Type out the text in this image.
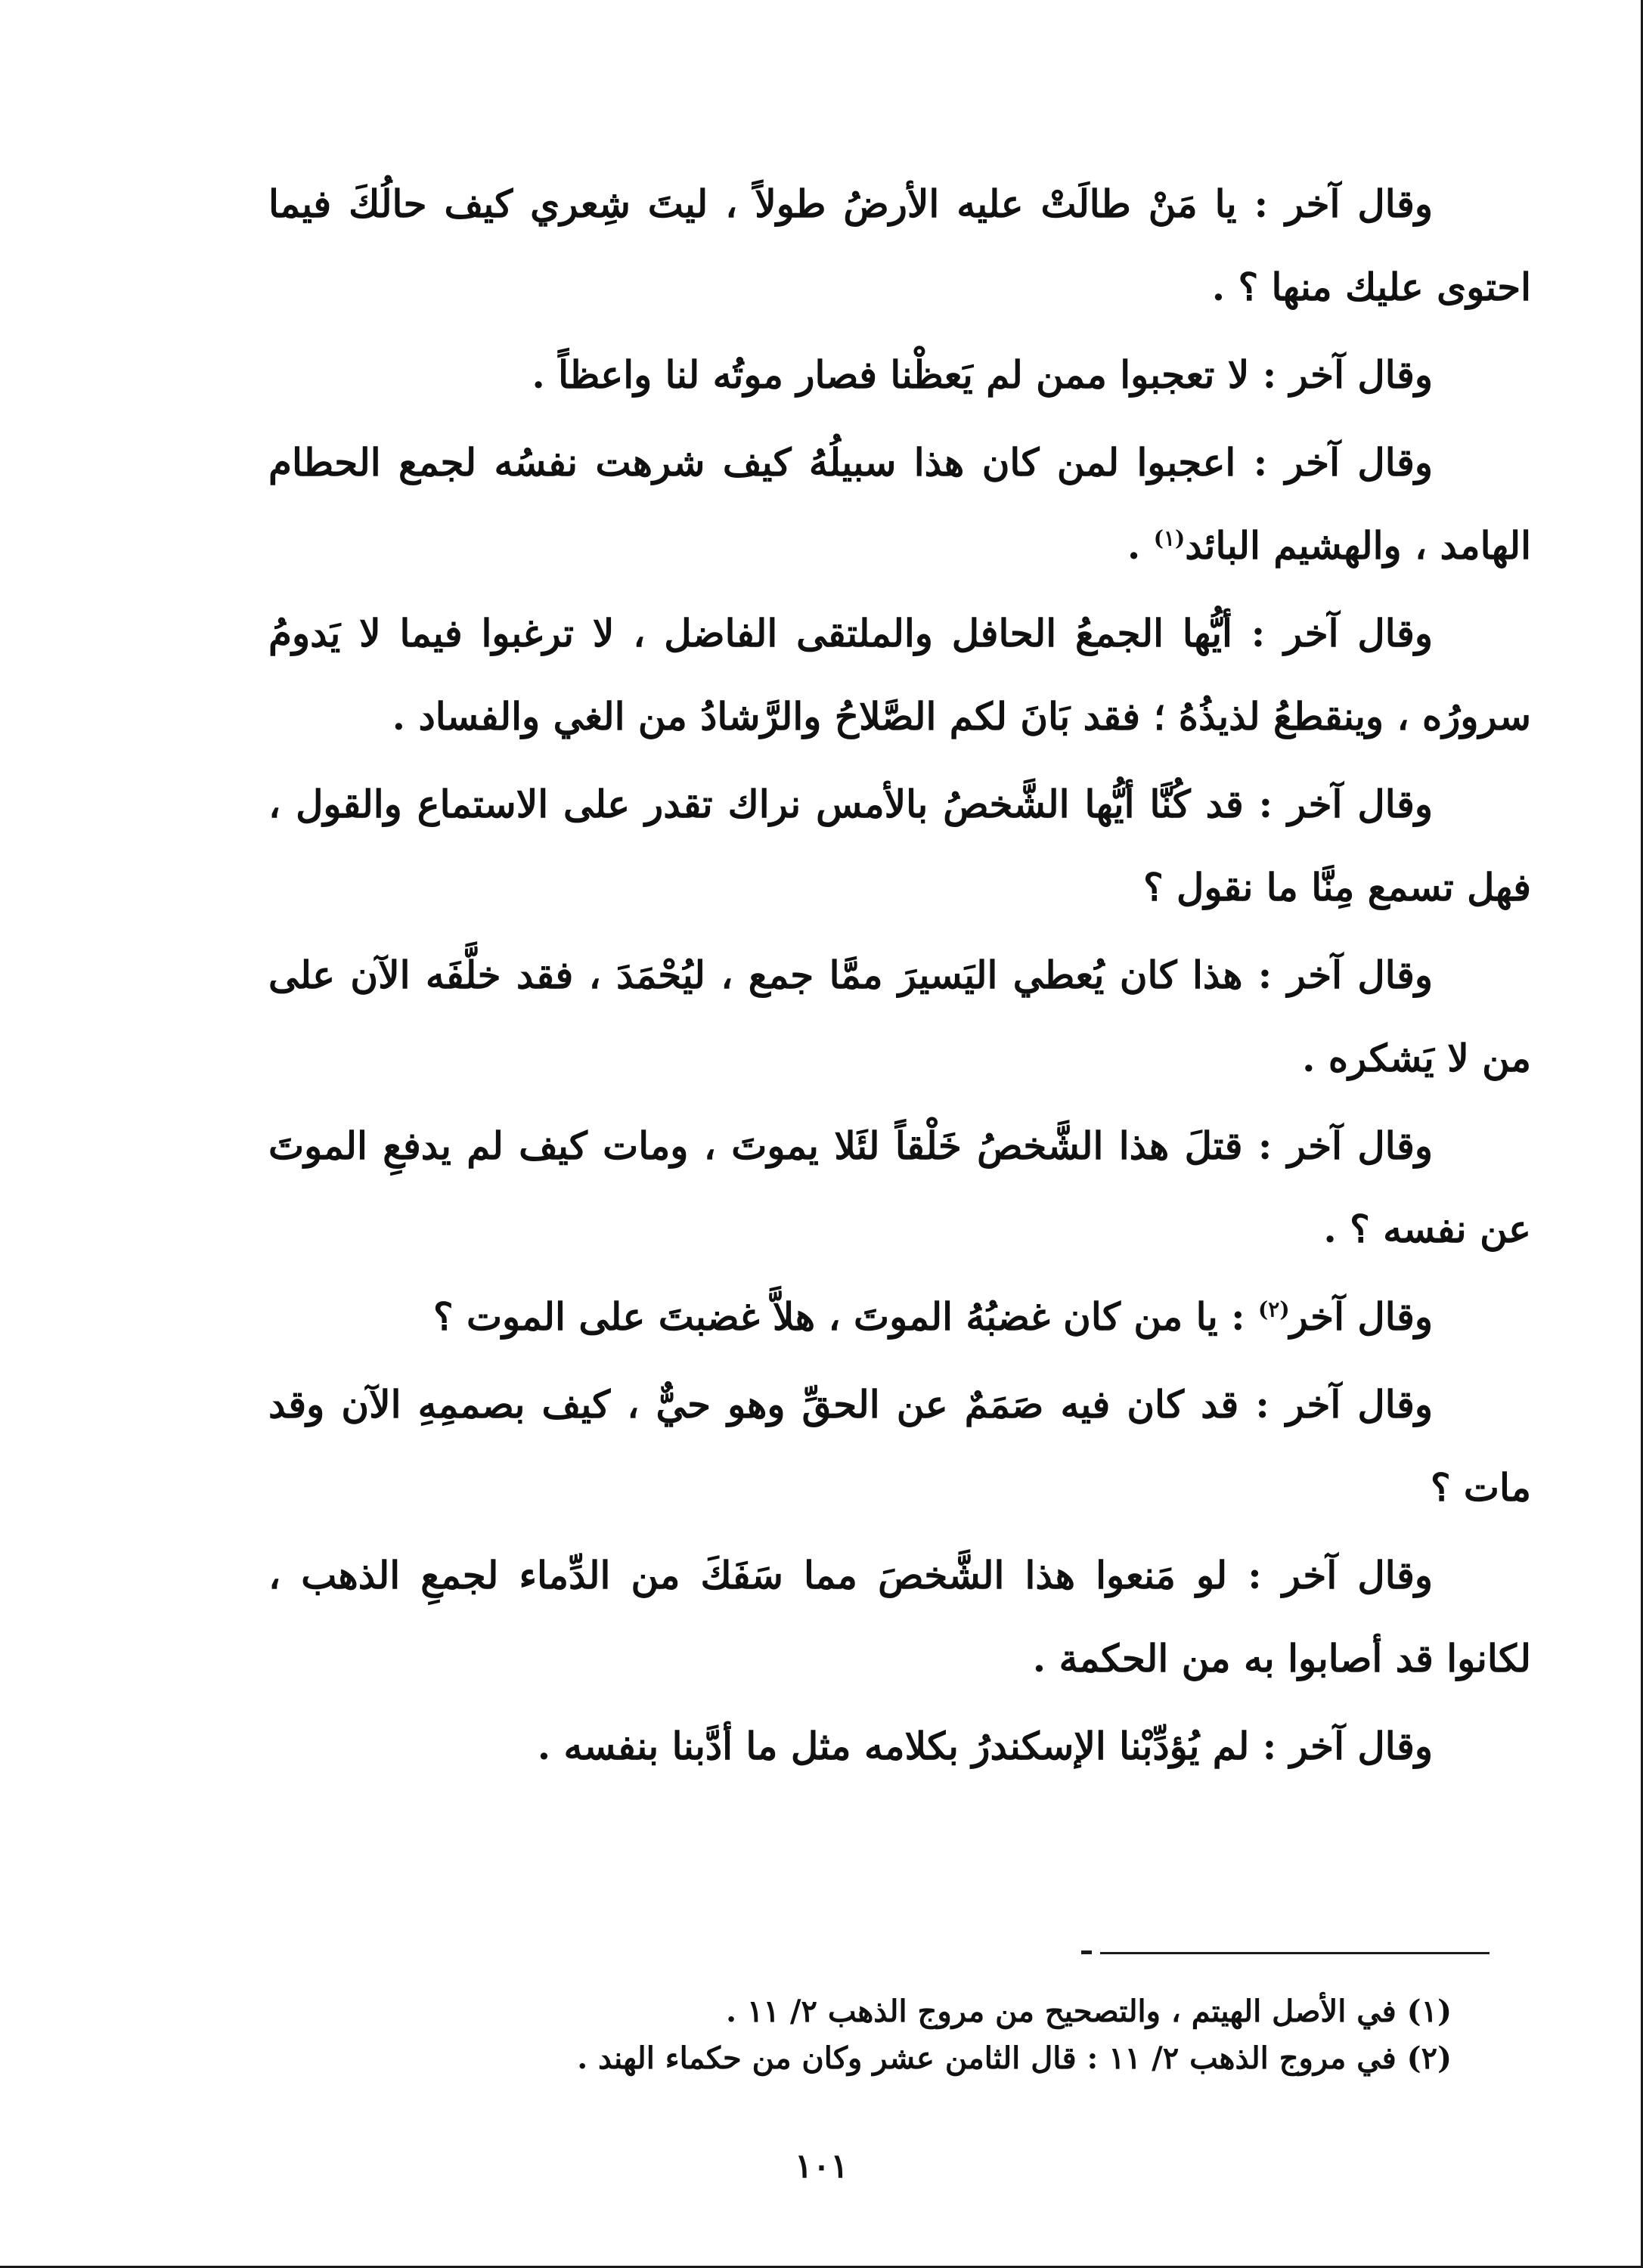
وقال آخر : يا مَنْ طالَتْ عليه الأرضُ طولاً ، ليتَ شِعري كيف حالُكَ فيما احتوى عليك منها ؟ .

وقال آخر : لا تعجبوا ممن لم يَعظْنا فصار موتُه لنا واعظاً .

وقال آخر : اعجبوا لمن كان هذا سبيلُهُ كيف شرهت نفسُه لجمع الحطام الهامد ، والهشيم البائد$^{(١)}$ .

وقال آخر : أيُّها الجمعُ الحافل والملتقى الفاضل ، لا ترغبوا فيما لا يَدومُ سرورُه ، وينقطعُ لذيذُهُ ؛ فقد بَانَ لكم الصَّلاحُ والرَّشادُ من الغي والفساد .

وقال آخر : قد كُنَّا أيُّها الشَّخصُ بالأمس نراك تقدر على الاستماع والقول ، فهل تسمع مِنَّا ما نقول ؟

وقال آخر : هذا كان يُعطي اليَسيرَ ممَّا جمع ، ليُحْمَدَ ، فقد خلَّفَه الآن على من لا يَشكره .

وقال آخر : قتلَ هذا الشَّخصُ خَلْقاً لئَلا يموتَ ، ومات كيف لم يدفعِ الموتَ عن نفسه ؟ .

وقال آخر$^{(٢)}$ : يا من كان غضبُهُ الموتَ ، هلاَّ غضبتَ على الموت ؟

وقال آخر : قد كان فيه صَمَمٌ عن الحقِّ وهو حيٌّ ، كيف بصممِهِ الآن وقد مات ؟

وقال آخر : لو مَنعوا هذا الشَّخصَ مما سَفَكَ من الدِّماء لجمعِ الذهب ، لكانوا قد أصابوا به من الحكمة .

وقال آخر : لم يُؤدِّبْنا الإسكندرُ بكلامه مثل ما أدَّبنا بنفسه .

(١) في الأصل الهيتم ، والتصحيح من مروج الذهب ٢/ ١١ .
(٢) في مروج الذهب ٢/ ١١ : قال الثامن عشر وكان من حكماء الهند .
١٠١
